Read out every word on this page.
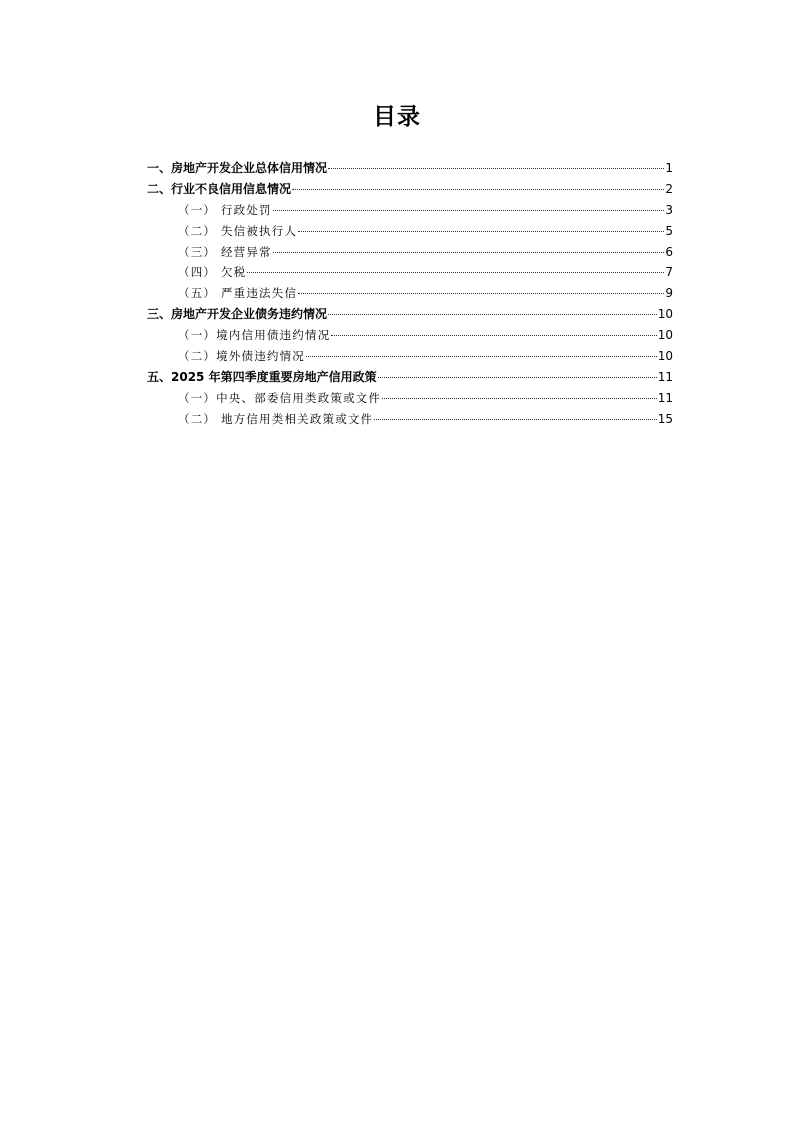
目录
一、房地产开发企业总体信用情况	1
二、行业不良信用信息情况	2
（一） 行政处罚	3
（二） 失信被执行人	5
（三） 经营异常	6
（四） 欠税	7
（五） 严重违法失信	9
三、房地产开发企业债务违约情况	10
（一）境内信用债违约情况	10
（二）境外债违约情况	10
五、2025 年第四季度重要房地产信用政策	11
（一）中央、部委信用类政策或文件	11
（二） 地方信用类相关政策或文件	15
